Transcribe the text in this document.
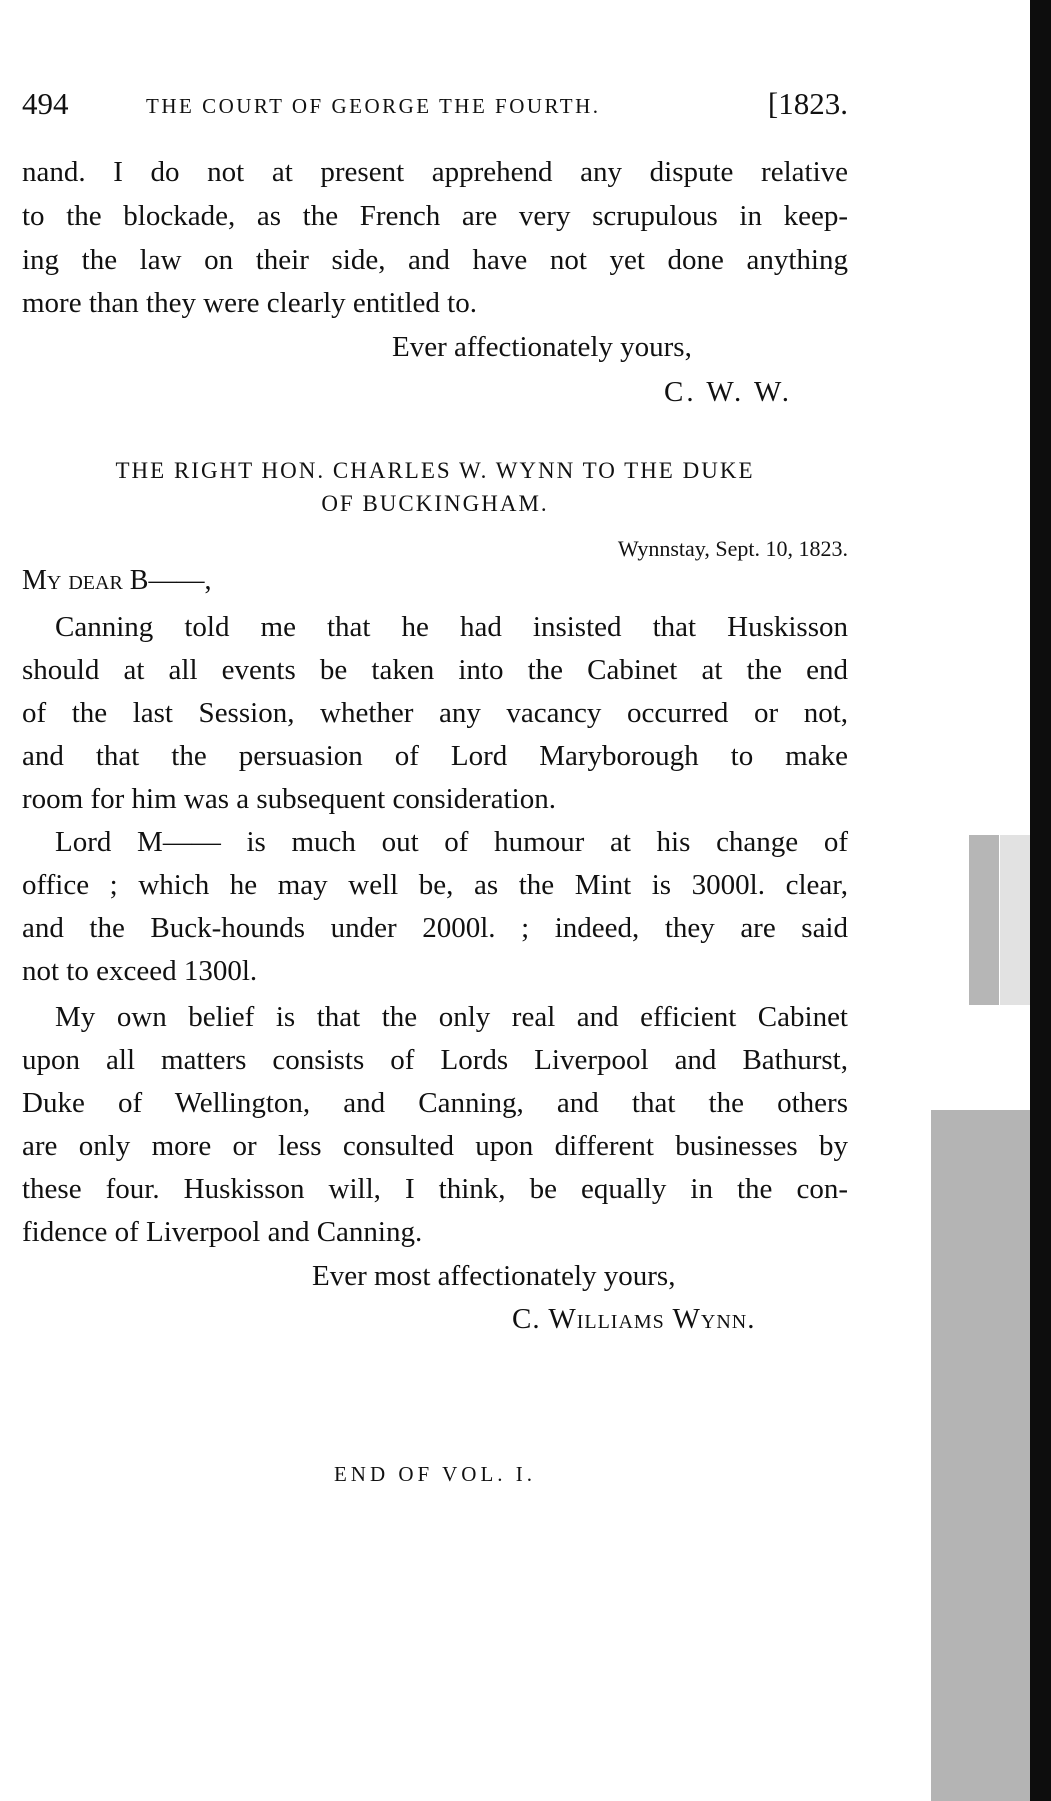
494	THE COURT OF GEORGE THE FOURTH.	[1823.
nand. I do not at present apprehend any dispute relative
to the blockade, as the French are very scrupulous in keep-
ing the law on their side, and have not yet done anything
more than they were clearly entitled to.
Ever affectionately yours,
C. W. W.
THE RIGHT HON. CHARLES W. WYNN TO THE DUKE
OF BUCKINGHAM.
Wynnstay, Sept. 10, 1823.
My dear B——,
Canning told me that he had insisted that Huskisson
should at all events be taken into the Cabinet at the end
of the last Session, whether any vacancy occurred or not,
and that the persuasion of Lord Maryborough to make
room for him was a subsequent consideration.
Lord M—— is much out of humour at his change of
office ; which he may well be, as the Mint is 3000l. clear,
and the Buck-hounds under 2000l. ; indeed, they are said
not to exceed 1300l.
My own belief is that the only real and efficient Cabinet
upon all matters consists of Lords Liverpool and Bathurst,
Duke of Wellington, and Canning, and that the others
are only more or less consulted upon different businesses by
these four. Huskisson will, I think, be equally in the con-
fidence of Liverpool and Canning.
Ever most affectionately yours,
C. Williams Wynn.
END OF VOL. I.
